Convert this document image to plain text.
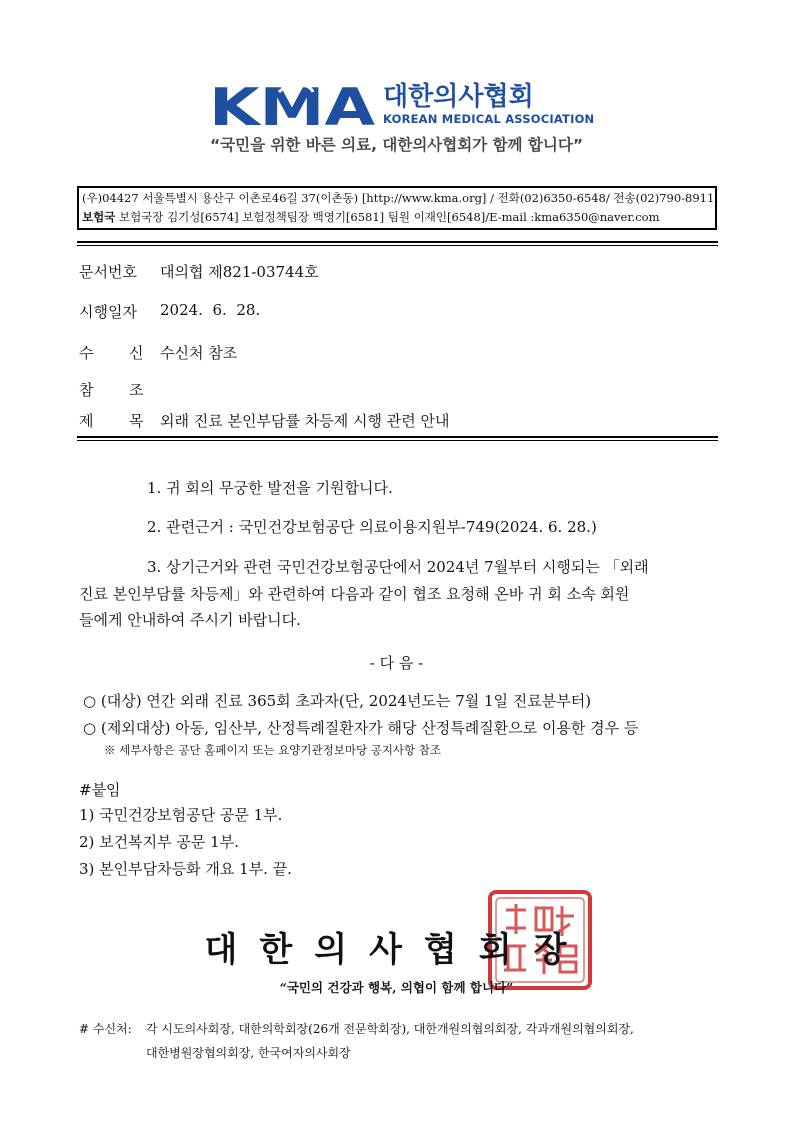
KMA 대한의사협회
KOREAN MEDICAL ASSOCIATION
“국민을 위한 바른 의료, 대한의사협회가 함께 합니다”
(우)04427 서울특별시 용산구 이촌로46길 37(이촌동) [http://www.kma.org] / 전화(02)6350-6548/ 전송(02)790-8911
보험국 보험국장 김기성[6574] 보험정책팀장 백영기[6581] 팀원 이재인[6548]/E-mail :kma6350@naver.com
문서번호 대의협 제821-03744호
시행일자 2024.  6.  28.
수 신 수신처 참조
참 조
제 목 외래 진료 본인부담률 차등제 시행 관련 안내
1. 귀 회의 무궁한 발전을 기원합니다.
2. 관련근거 : 국민건강보험공단 의료이용지원부-749(2024. 6. 28.)
3. 상기근거와 관련 국민건강보험공단에서 2024년 7월부터 시행되는 「외래
진료 본인부담률 차등제」와 관련하여 다음과 같이 협조 요청해 온바 귀 회 소속 회원
들에게 안내하여 주시기 바랍니다.
- 다 음 -
○ (대상) 연간 외래 진료 365회 초과자(단, 2024년도는 7월 1일 진료분부터)
○ (제외대상) 아동, 임산부, 산정특례질환자가 해당 산정특례질환으로 이용한 경우 등
※ 세부사항은 공단 홈페이지 또는 요양기관정보마당 공지사항 참조
#붙임
1) 국민건강보험공단 공문 1부.
2) 보건복지부 공문 1부.
3) 본인부담차등화 개요 1부. 끝.
대한의사협회장
“국민의 건강과 행복, 의협이 함께 합니다”
# 수신처: 각 시도의사회장, 대한의학회장(26개 전문학회장), 대한개원의협의회장, 각과개원의협의회장,
대한병원장협의회장, 한국여자의사회장
